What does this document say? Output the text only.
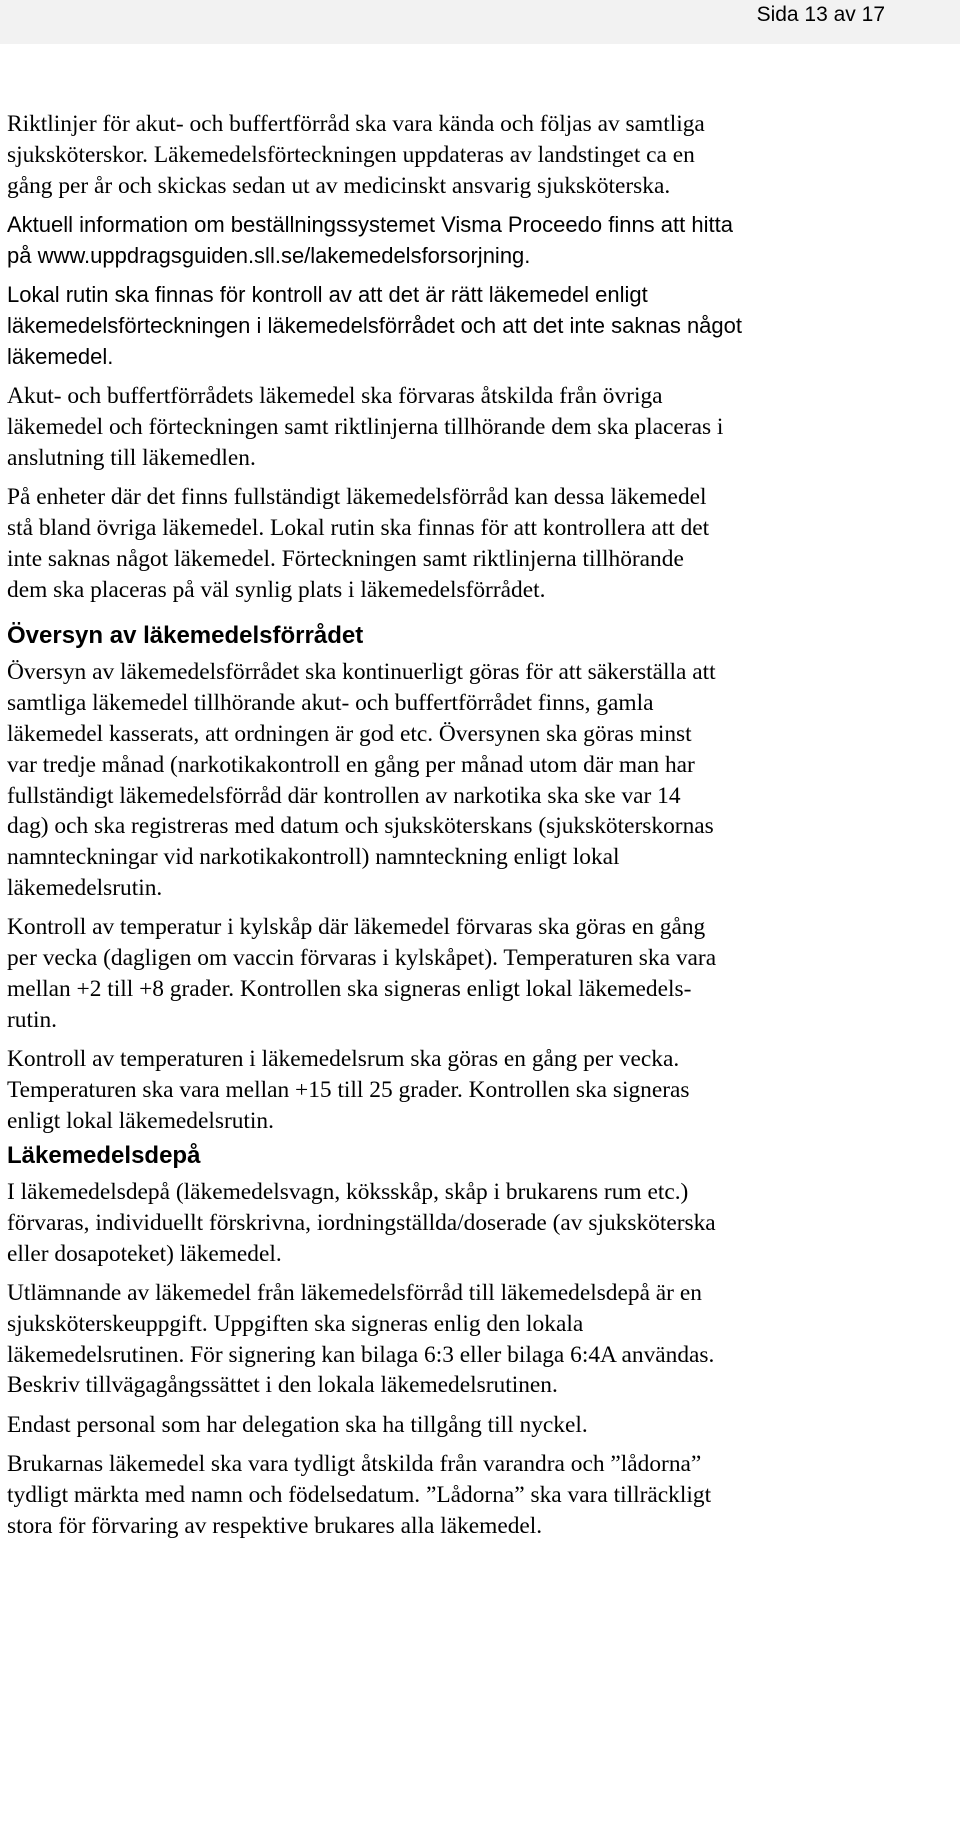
Sida 13 av 17

Riktlinjer för akut- och buffertförråd ska vara kända och följas av samtliga
sjuksköterskor. Läkemedelsförteckningen uppdateras av landstinget ca en
gång per år och skickas sedan ut av medicinskt ansvarig sjuksköterska.

Aktuell information om beställningssystemet Visma Proceedo finns att hitta
på www.uppdragsguiden.sll.se/lakemedelsforsorjning.

Lokal rutin ska finnas för kontroll av att det är rätt läkemedel enligt
läkemedelsförteckningen i läkemedelsförrådet och att det inte saknas något
läkemedel.

Akut- och buffertförrådets läkemedel ska förvaras åtskilda från övriga
läkemedel och förteckningen samt riktlinjerna tillhörande dem ska placeras i
anslutning till läkemedlen.

På enheter där det finns fullständigt läkemedelsförråd kan dessa läkemedel
stå bland övriga läkemedel. Lokal rutin ska finnas för att kontrollera att det
inte saknas något läkemedel. Förteckningen samt riktlinjerna tillhörande
dem ska placeras på väl synlig plats i läkemedelsförrådet.

Översyn av läkemedelsförrådet

Översyn av läkemedelsförrådet ska kontinuerligt göras för att säkerställa att
samtliga läkemedel tillhörande akut- och buffertförrådet finns, gamla
läkemedel kasserats, att ordningen är god etc. Översynen ska göras minst
var tredje månad (narkotikakontroll en gång per månad utom där man har
fullständigt läkemedelsförråd där kontrollen av narkotika ska ske var 14
dag) och ska registreras med datum och sjuksköterskans (sjuksköterskornas
namnteckningar vid narkotikakontroll) namnteckning enligt lokal
läkemedelsrutin.

Kontroll av temperatur i kylskåp där läkemedel förvaras ska göras en gång
per vecka (dagligen om vaccin förvaras i kylskåpet). Temperaturen ska vara
mellan +2 till +8 grader. Kontrollen ska signeras enligt lokal läkemedels-
rutin.

Kontroll av temperaturen i läkemedelsrum ska göras en gång per vecka.
Temperaturen ska vara mellan +15 till 25 grader. Kontrollen ska signeras
enligt lokal läkemedelsrutin.

Läkemedelsdepå

I läkemedelsdepå (läkemedelsvagn, köksskåp, skåp i brukarens rum etc.)
förvaras, individuellt förskrivna, iordningställda/doserade (av sjuksköterska
eller dosapoteket) läkemedel.

Utlämnande av läkemedel från läkemedelsförråd till läkemedelsdepå är en
sjuksköterskeuppgift. Uppgiften ska signeras enlig den lokala
läkemedelsrutinen. För signering kan bilaga 6:3 eller bilaga 6:4A användas.
Beskriv tillvägagångssättet i den lokala läkemedelsrutinen.

Endast personal som har delegation ska ha tillgång till nyckel.

Brukarnas läkemedel ska vara tydligt åtskilda från varandra och ”lådorna”
tydligt märkta med namn och födelsedatum. ”Lådorna” ska vara tillräckligt
stora för förvaring av respektive brukares alla läkemedel.
